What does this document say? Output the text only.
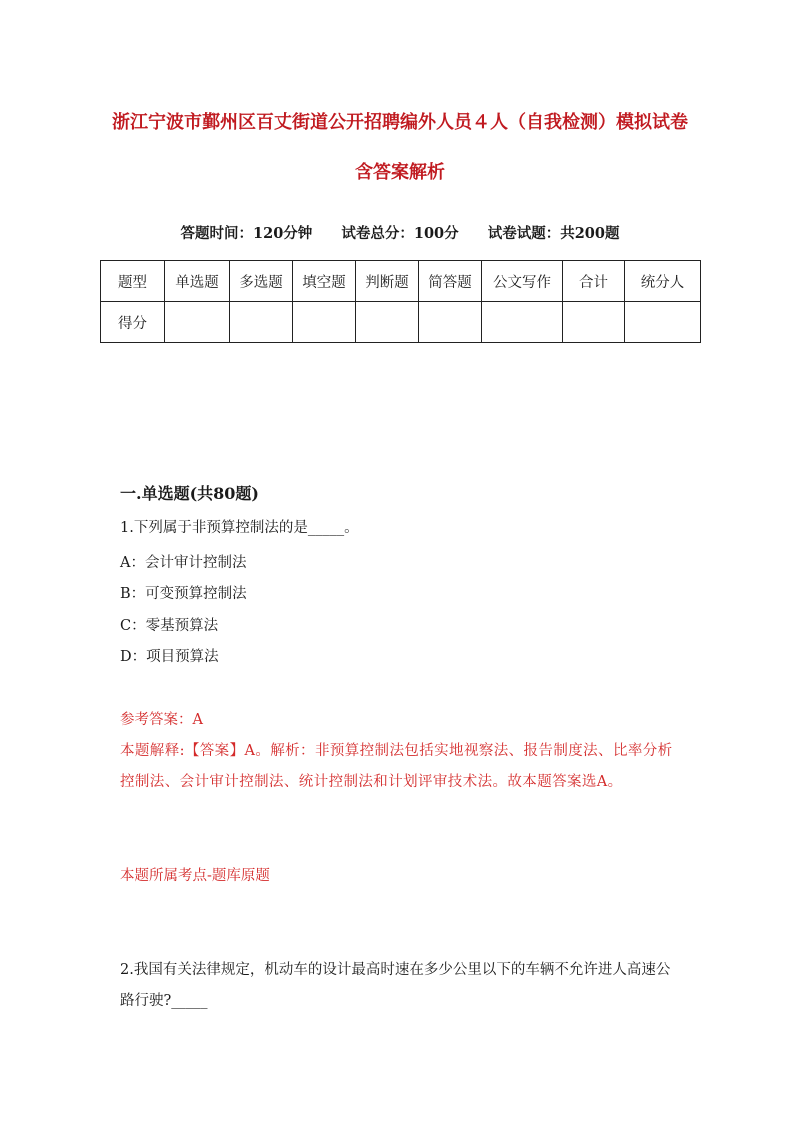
浙江宁波市鄞州区百丈街道公开招聘编外人员４人（自我检测）模拟试卷含答案解析
答题时间：120分钟 试卷总分：100分 试卷试题：共200题
题型	单选题	多选题	填空题	判断题	简答题	公文写作	合计	统分人
得分								
一.单选题(共80题)
1.下列属于非预算控制法的是_____。
A：会计审计控制法
B：可变预算控制法
C：零基预算法
D：项目预算法
参考答案：A
本题解释:【答案】A。解析：非预算控制法包括实地视察法、报告制度法、比率分析控制法、会计审计控制法、统计控制法和计划评审技术法。故本题答案选A。
本题所属考点-题库原题
2.我国有关法律规定，机动车的设计最高时速在多少公里以下的车辆不允许进人高速公路行驶?_____
